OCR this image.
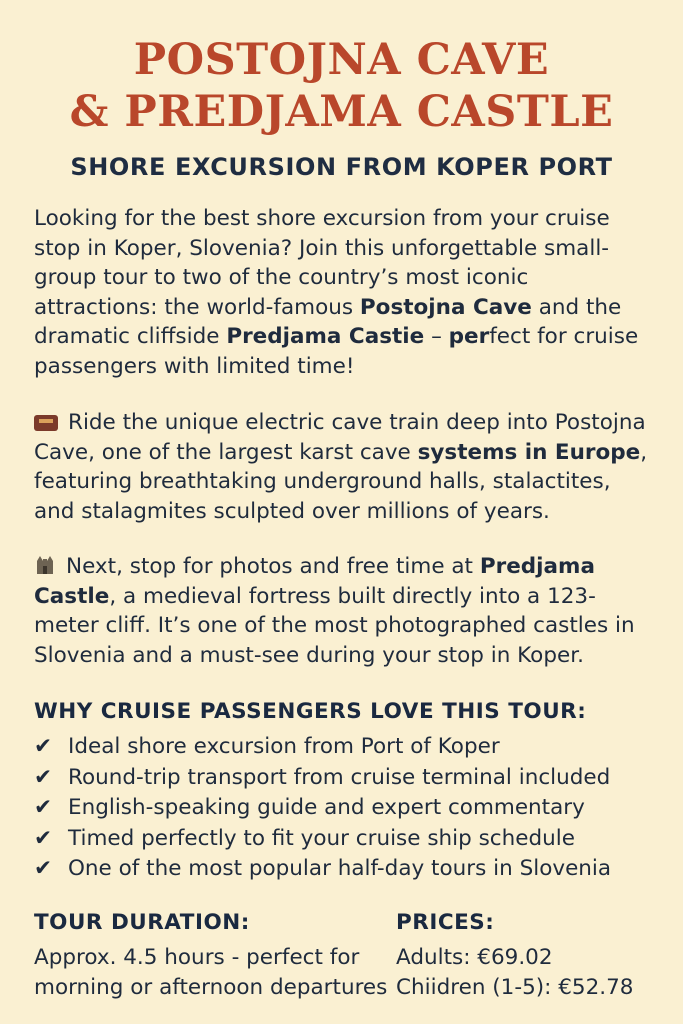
POSTOJNA CAVE
& PREDJAMA CASTLE
SHORE EXCURSION FROM KOPER PORT

Looking for the best shore excursion from your cruise stop in Koper, Slovenia? Join this unforgettable small-group tour to two of the country’s most iconic attractions: the world-famous Postojna Cave and the dramatic cliffside Predjama Castie – perfect for cruise passengers with limited time!

Ride the unique electric cave train deep into Postojna Cave, one of the largest karst cave systems in Europe, featuring breathtaking underground halls, stalactites, and stalagmites sculpted over millions of years.

Next, stop for photos and free time at Predjama Castle, a medieval fortress built directly into a 123-meter cliff. It’s one of the most photographed castles in Slovenia and a must-see during your stop in Koper.

WHY CRUISE PASSENGERS LOVE THIS TOUR:
✔ Ideal shore excursion from Port of Koper
✔ Round-trip transport from cruise terminal included
✔ English-speaking guide and expert commentary
✔ Timed perfectly to fit your cruise ship schedule
✔ One of the most popular half-day tours in Slovenia
TOUR DURATION:
Approx. 4.5 hours - perfect for morning or afternoon departures
PRICES:
Adults: €69.02
Chiidren (1-5): €52.78
